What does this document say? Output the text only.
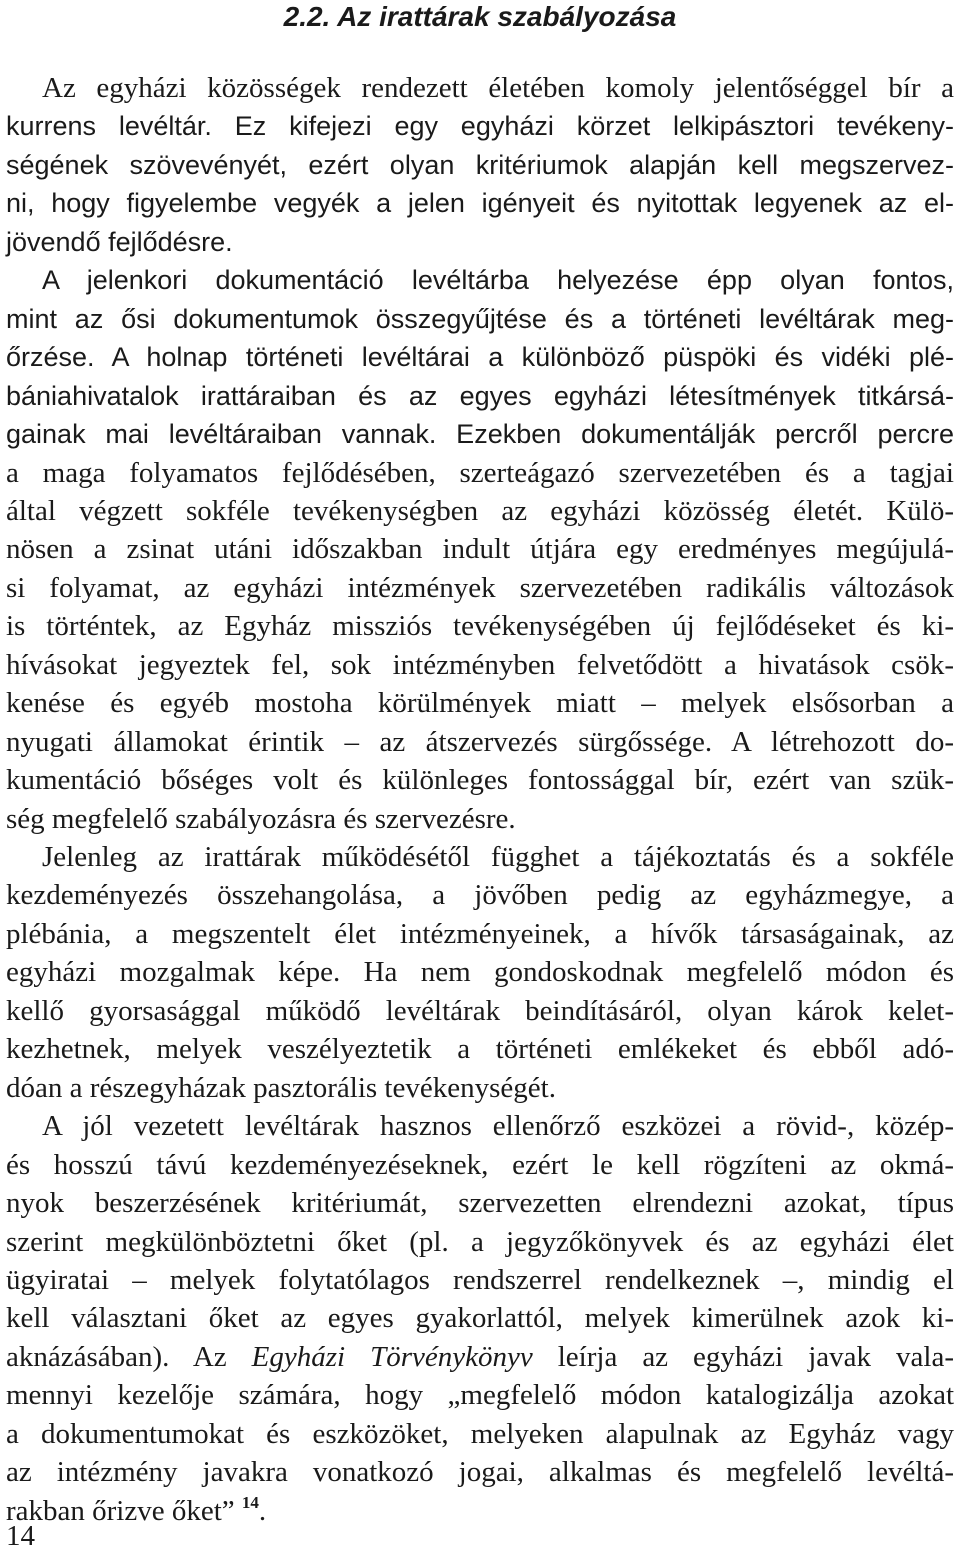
2.2. Az irattárak szabályozása
Az egyházi közösségek rendezett életében komoly jelentőséggel bír a
kurrens levéltár. Ez kifejezi egy egyházi körzet lelkipásztori tevékeny-
ségének szövevényét, ezért olyan kritériumok alapján kell megszervez-
ni, hogy figyelembe vegyék a jelen igényeit és nyitottak legyenek az el-
jövendő fejlődésre.
A jelenkori dokumentáció levéltárba helyezése épp olyan fontos,
mint az ősi dokumentumok összegyűjtése és a történeti levéltárak meg-
őrzése. A holnap történeti levéltárai a különböző püspöki és vidéki plé-
bániahivatalok irattáraiban és az egyes egyházi létesítmények titkársá-
gainak mai levéltáraiban vannak. Ezekben dokumentálják percről percre
a maga folyamatos fejlődésében, szerteágazó szervezetében és a tagjai
által végzett sokféle tevékenységben az egyházi közösség életét. Külö-
nösen a zsinat utáni időszakban indult útjára egy eredményes megújulá-
si folyamat, az egyházi intézmények szervezetében radikális változások
is történtek, az Egyház missziós tevékenységében új fejlődéseket és ki-
hívásokat jegyeztek fel, sok intézményben felvetődött a hivatások csök-
kenése és egyéb mostoha körülmények miatt – melyek elsősorban a
nyugati államokat érintik – az átszervezés sürgőssége. A létrehozott do-
kumentáció bőséges volt és különleges fontossággal bír, ezért van szük-
ség megfelelő szabályozásra és szervezésre.
Jelenleg az irattárak működésétől függhet a tájékoztatás és a sokféle
kezdeményezés összehangolása, a jövőben pedig az egyházmegye, a
plébánia, a megszentelt élet intézményeinek, a hívők társaságainak, az
egyházi mozgalmak képe. Ha nem gondoskodnak megfelelő módon és
kellő gyorsasággal működő levéltárak beindításáról, olyan károk kelet-
kezhetnek, melyek veszélyeztetik a történeti emlékeket és ebből adó-
dóan a részegyházak pasztorális tevékenységét.
A jól vezetett levéltárak hasznos ellenőrző eszközei a rövid-, közép-
és hosszú távú kezdeményezéseknek, ezért le kell rögzíteni az okmá-
nyok beszerzésének kritériumát, szervezetten elrendezni azokat, típus
szerint megkülönböztetni őket (pl. a jegyzőkönyvek és az egyházi élet
ügyiratai – melyek folytatólagos rendszerrel rendelkeznek –, mindig el
kell választani őket az egyes gyakorlattól, melyek kimerülnek azok ki-
aknázásában). Az Egyházi Törvénykönyv leírja az egyházi javak vala-
mennyi kezelője számára, hogy „megfelelő módon katalogizálja azokat
a dokumentumokat és eszközöket, melyeken alapulnak az Egyház vagy
az intézmény javakra vonatkozó jogai, alkalmas és megfelelő levéltá-
rakban őrizve őket” $^{14}$.

14
